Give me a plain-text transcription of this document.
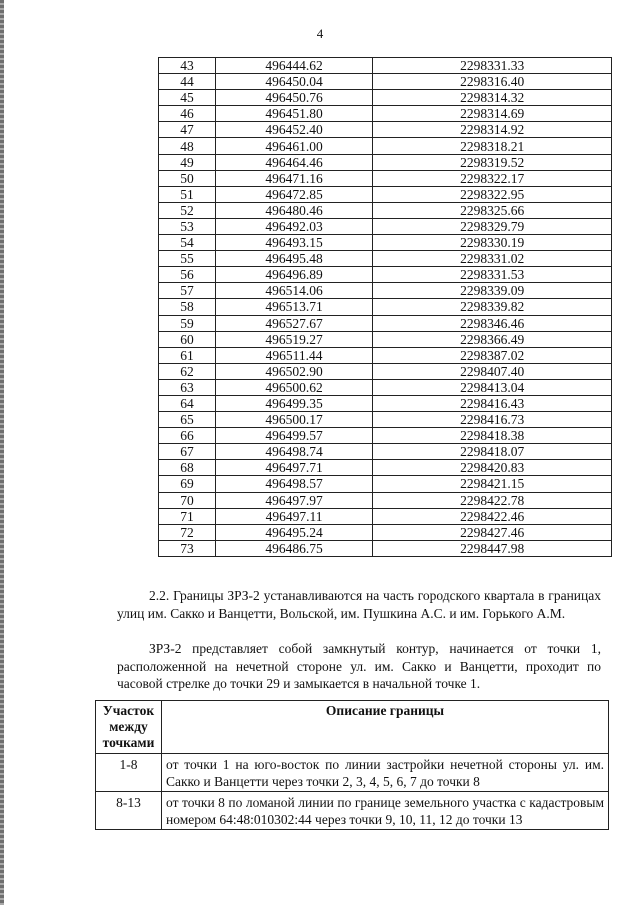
4
43	496444.62	2298331.33
44	496450.04	2298316.40
45	496450.76	2298314.32
46	496451.80	2298314.69
47	496452.40	2298314.92
48	496461.00	2298318.21
49	496464.46	2298319.52
50	496471.16	2298322.17
51	496472.85	2298322.95
52	496480.46	2298325.66
53	496492.03	2298329.79
54	496493.15	2298330.19
55	496495.48	2298331.02
56	496496.89	2298331.53
57	496514.06	2298339.09
58	496513.71	2298339.82
59	496527.67	2298346.46
60	496519.27	2298366.49
61	496511.44	2298387.02
62	496502.90	2298407.40
63	496500.62	2298413.04
64	496499.35	2298416.43
65	496500.17	2298416.73
66	496499.57	2298418.38
67	496498.74	2298418.07
68	496497.71	2298420.83
69	496498.57	2298421.15
70	496497.97	2298422.78
71	496497.11	2298422.46
72	496495.24	2298427.46
73	496486.75	2298447.98
2.2. Границы ЗРЗ-2 устанавливаются на часть городского квартала в границах улиц им. Сакко и Ванцетти, Вольской, им. Пушкина А.С. и им. Горького А.М.
ЗРЗ-2 представляет собой замкнутый контур, начинается от точки 1, расположенной на нечетной стороне ул. им. Сакко и Ванцетти, проходит по часовой стрелке до точки 29 и замыкается в начальной точке 1.
Участок между точками	Описание границы

1-8	от точки 1 на юго-восток по линии застройки нечетной стороны ул. им. Сакко и Ванцетти через точки 2, 3, 4, 5, 6, 7 до точки 8

8-13	от точки 8 по ломаной линии по границе земельного участка с кадастровым номером 64:48:010302:44 через точки 9, 10, 11, 12 до точки 13
